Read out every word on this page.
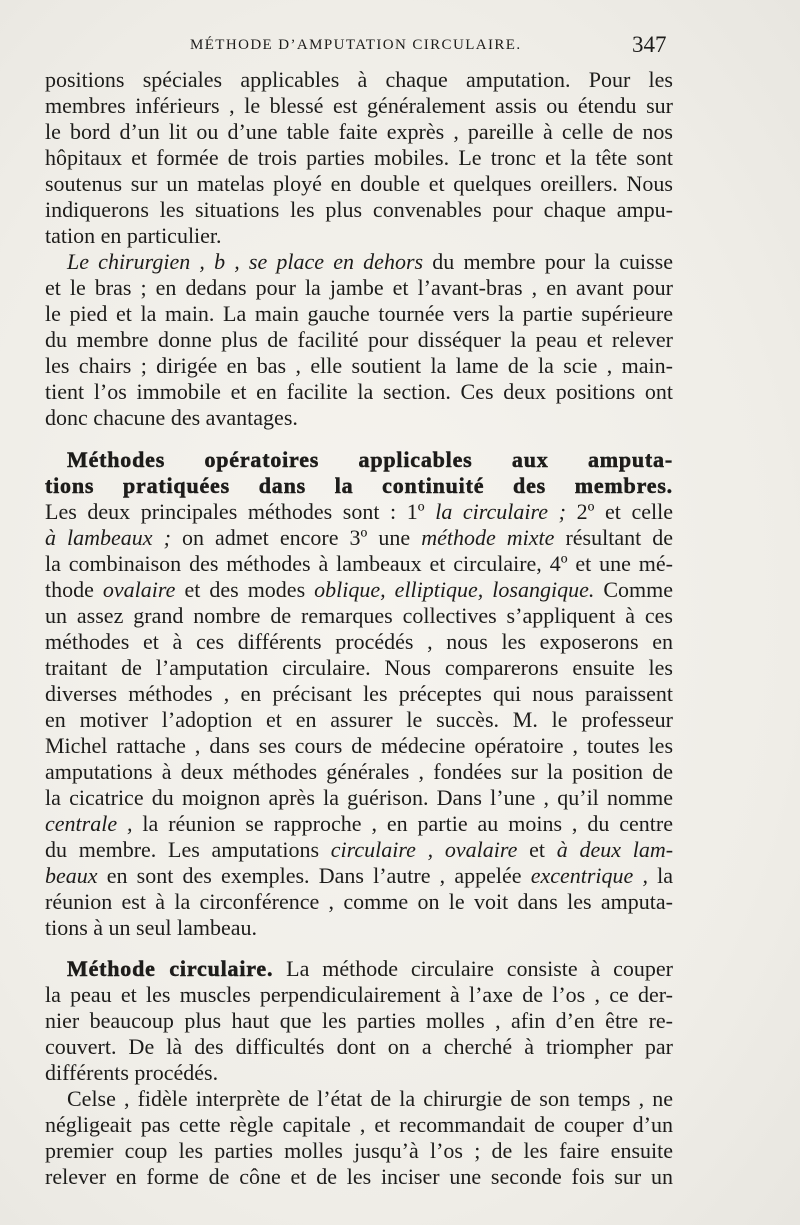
MÉTHODE D’AMPUTATION CIRCULAIRE.	347
positions spéciales applicables à chaque amputation. Pour les
membres inférieurs , le blessé est généralement assis ou étendu sur
le bord d’un lit ou d’une table faite exprès , pareille à celle de nos
hôpitaux et formée de trois parties mobiles. Le tronc et la tête sont
soutenus sur un matelas ployé en double et quelques oreillers. Nous
indiquerons les situations les plus convenables pour chaque ampu-
tation en particulier.
Le chirurgien , b , se place en dehors du membre pour la cuisse
et le bras ; en dedans pour la jambe et l’avant-bras , en avant pour
le pied et la main. La main gauche tournée vers la partie supérieure
du membre donne plus de facilité pour disséquer la peau et relever
les chairs ; dirigée en bas , elle soutient la lame de la scie , main-
tient l’os immobile et en facilite la section. Ces deux positions ont
donc chacune des avantages.
Méthodes opératoires applicables aux amputa-
tions pratiquées dans la continuité des membres.
Les deux principales méthodes sont : 1º la circulaire ; 2º et celle
à lambeaux ; on admet encore 3º une méthode mixte résultant de
la combinaison des méthodes à lambeaux et circulaire, 4º et une mé-
thode ovalaire et des modes oblique, elliptique, losangique. Comme
un assez grand nombre de remarques collectives s’appliquent à ces
méthodes et à ces différents procédés , nous les exposerons en
traitant de l’amputation circulaire. Nous comparerons ensuite les
diverses méthodes , en précisant les préceptes qui nous paraissent
en motiver l’adoption et en assurer le succès. M. le professeur
Michel rattache , dans ses cours de médecine opératoire , toutes les
amputations à deux méthodes générales , fondées sur la position de
la cicatrice du moignon après la guérison. Dans l’une , qu’il nomme
centrale , la réunion se rapproche , en partie au moins , du centre
du membre. Les amputations circulaire , ovalaire et à deux lam-
beaux en sont des exemples. Dans l’autre , appelée excentrique , la
réunion est à la circonférence , comme on le voit dans les amputa-
tions à un seul lambeau.
Méthode circulaire. La méthode circulaire consiste à couper
la peau et les muscles perpendiculairement à l’axe de l’os , ce der-
nier beaucoup plus haut que les parties molles , afin d’en être re-
couvert. De là des difficultés dont on a cherché à triompher par
différents procédés.
Celse , fidèle interprète de l’état de la chirurgie de son temps , ne
négligeait pas cette règle capitale , et recommandait de couper d’un
premier coup les parties molles jusqu’à l’os ; de les faire ensuite
relever en forme de cône et de les inciser une seconde fois sur un
